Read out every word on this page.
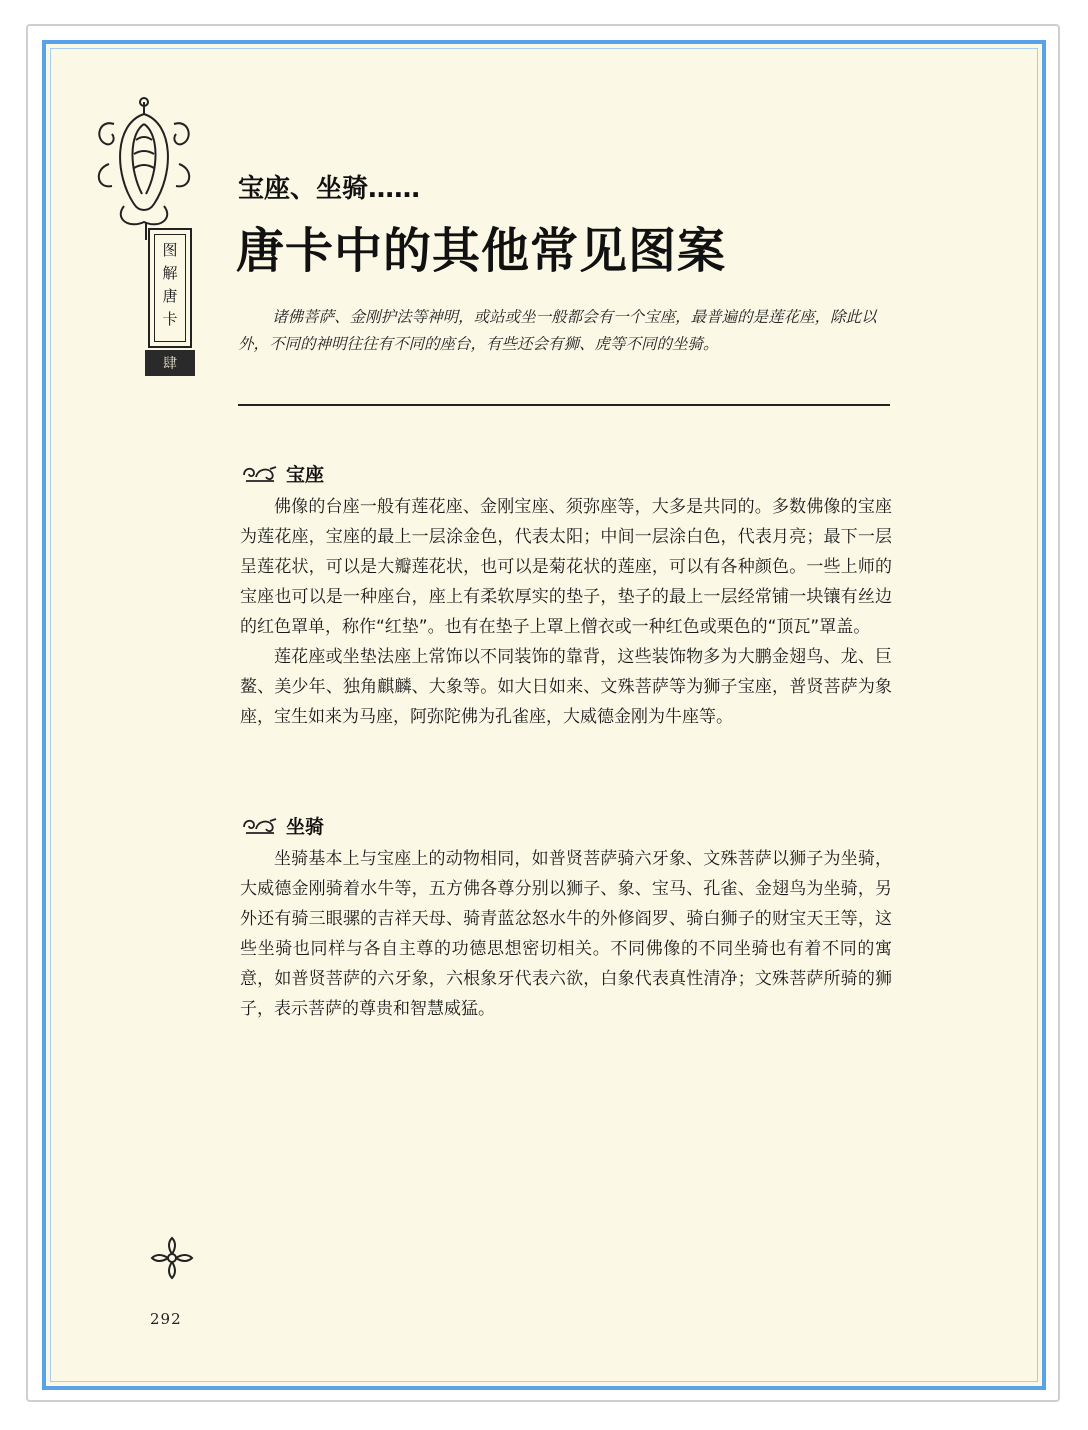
图解唐卡
肆
宝座、坐骑……
唐卡中的其他常见图案

诸佛菩萨、金刚护法等神明，或站或坐一般都会有一个宝座，最普遍的是莲花座，除此以外，不同的神明往往有不同的座台，有些还会有狮、虎等不同的坐骑。

宝座

佛像的台座一般有莲花座、金刚宝座、须弥座等，大多是共同的。多数佛像的宝座为莲花座，宝座的最上一层涂金色，代表太阳；中间一层涂白色，代表月亮；最下一层呈莲花状，可以是大瓣莲花状，也可以是菊花状的莲座，可以有各种颜色。一些上师的宝座也可以是一种座台，座上有柔软厚实的垫子，垫子的最上一层经常铺一块镶有丝边的红色罩单，称作“红垫”。也有在垫子上罩上僧衣或一种红色或栗色的“顶瓦”罩盖。

莲花座或坐垫法座上常饰以不同装饰的靠背，这些装饰物多为大鹏金翅鸟、龙、巨鳌、美少年、独角麒麟、大象等。如大日如来、文殊菩萨等为狮子宝座，普贤菩萨为象座，宝生如来为马座，阿弥陀佛为孔雀座，大威德金刚为牛座等。

坐骑

坐骑基本上与宝座上的动物相同，如普贤菩萨骑六牙象、文殊菩萨以狮子为坐骑，大威德金刚骑着水牛等，五方佛各尊分别以狮子、象、宝马、孔雀、金翅鸟为坐骑，另外还有骑三眼骡的吉祥天母、骑青蓝忿怒水牛的外修阎罗、骑白狮子的财宝天王等，这些坐骑也同样与各自主尊的功德思想密切相关。不同佛像的不同坐骑也有着不同的寓意，如普贤菩萨的六牙象，六根象牙代表六欲，白象代表真性清净；文殊菩萨所骑的狮子，表示菩萨的尊贵和智慧威猛。

292
